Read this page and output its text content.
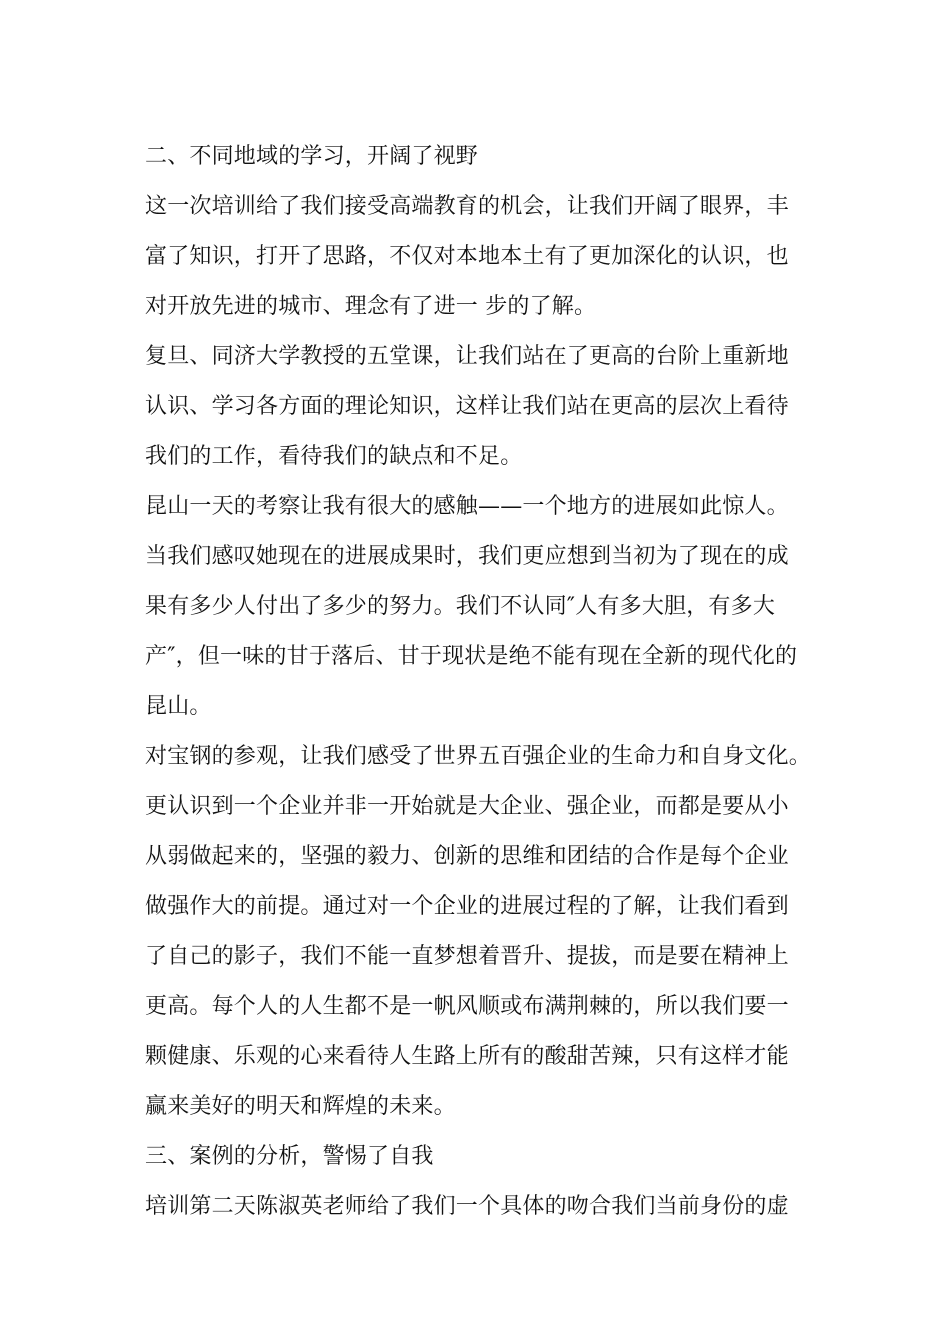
二、不同地域的学习，开阔了视野
这一次培训给了我们接受高端教育的机会，让我们开阔了眼界，丰
富了知识，打开了思路，不仅对本地本土有了更加深化的认识，也
对开放先进的城市、理念有了进一 步的了解。
复旦、同济大学教授的五堂课，让我们站在了更高的台阶上重新地
认识、学习各方面的理论知识，这样让我们站在更高的层次上看待
我们的工作，看待我们的缺点和不足。
昆山一天的考察让我有很大的感触——一个地方的进展如此惊人。
当我们感叹她现在的进展成果时，我们更应想到当初为了现在的成
果有多少人付出了多少的努力。我们不认同″人有多大胆，有多大
产″，但一味的甘于落后、甘于现状是绝不能有现在全新的现代化的
昆山。
对宝钢的参观，让我们感受了世界五百强企业的生命力和自身文化。
更认识到一个企业并非一开始就是大企业、强企业，而都是要从小
从弱做起来的，坚强的毅力、创新的思维和团结的合作是每个企业
做强作大的前提。通过对一个企业的进展过程的了解，让我们看到
了自己的影子，我们不能一直梦想着晋升、提拔，而是要在精神上
更高。每个人的人生都不是一帆风顺或布满荆棘的，所以我们要一
颗健康、乐观的心来看待人生路上所有的酸甜苦辣，只有这样才能
赢来美好的明天和辉煌的未来。
三、案例的分析，警惕了自我
培训第二天陈淑英老师给了我们一个具体的吻合我们当前身份的虚
